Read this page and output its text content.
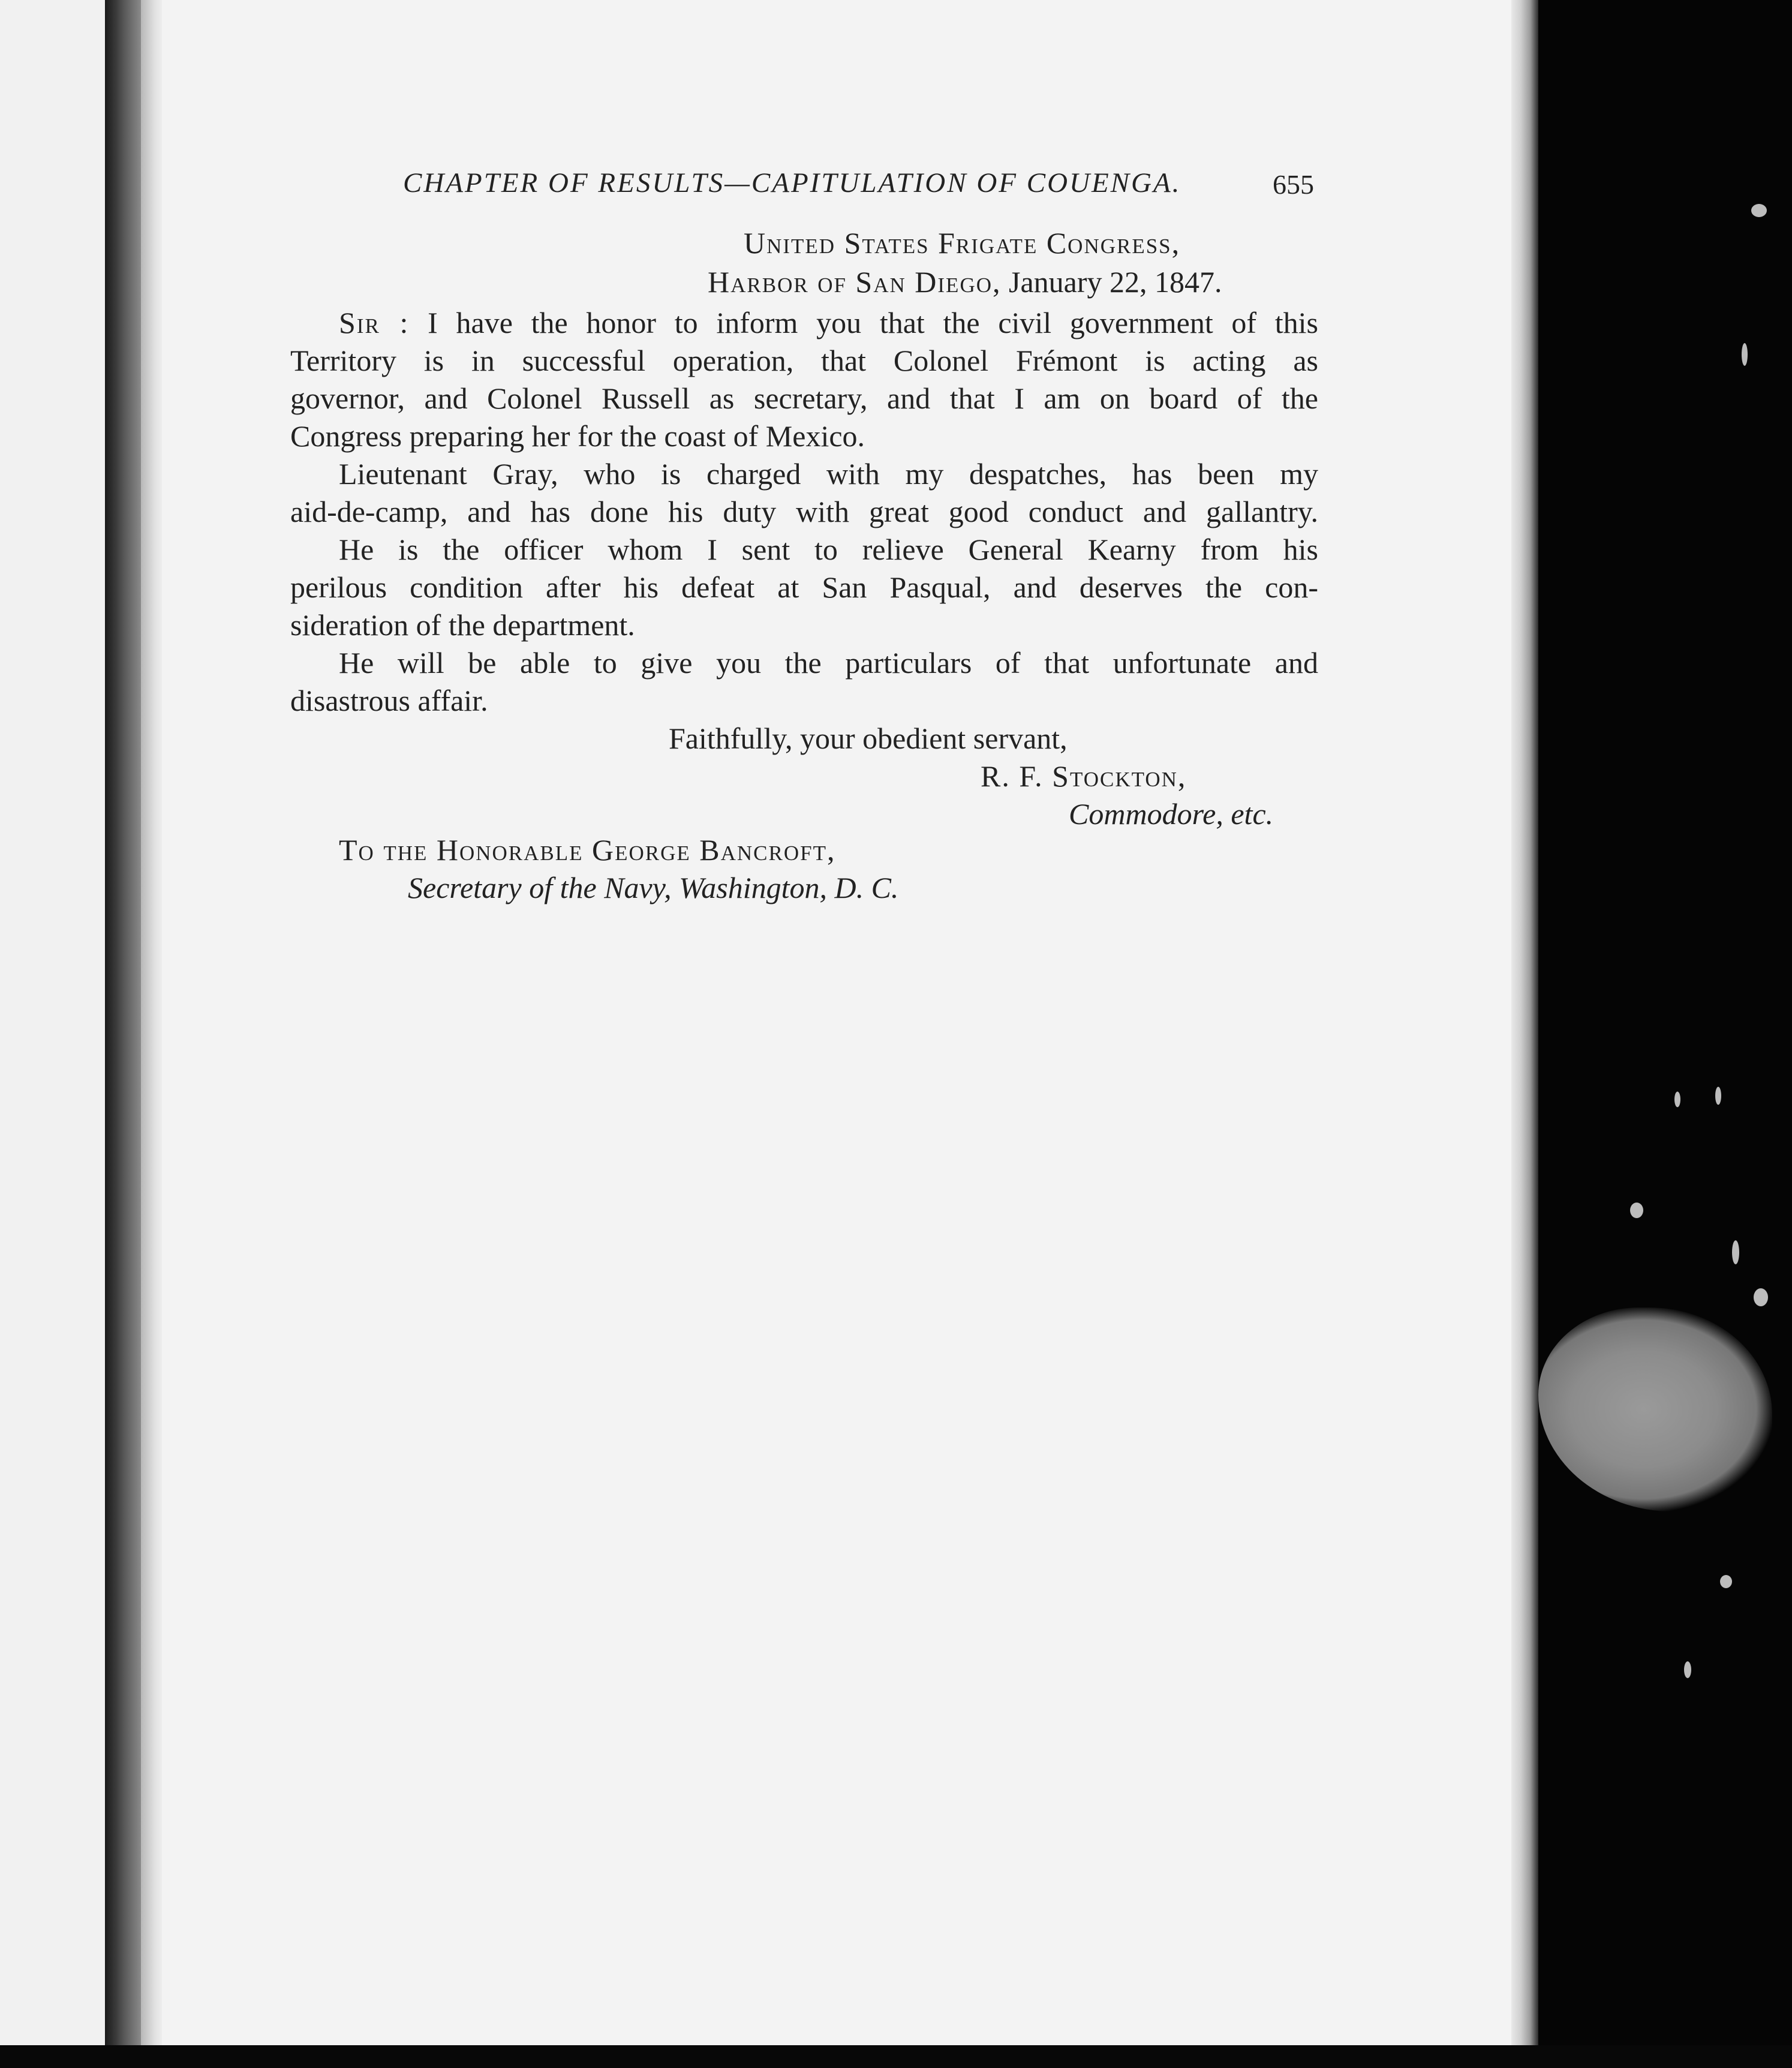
CHAPTER OF RESULTS—CAPITULATION OF COUENGA.	655

United States Frigate Congress,

Harbor of San Diego, January 22, 1847.

Sir : I have the honor to inform you that the civil government of this

Territory is in successful operation, that Colonel Frémont is acting as

governor, and Colonel Russell as secretary, and that I am on board of the

Congress preparing her for the coast of Mexico.

Lieutenant Gray, who is charged with my despatches, has been my

aid-de-camp, and has done his duty with great good conduct and gallantry.

He is the officer whom I sent to relieve General Kearny from his

perilous condition after his defeat at San Pasqual, and deserves the con-

sideration of the department.

He will be able to give you the particulars of that unfortunate and

disastrous affair.

Faithfully, your obedient servant,

R. F. Stockton,

Commodore, etc.

To the Honorable George Bancroft,

Secretary of the Navy, Washington, D. C.
